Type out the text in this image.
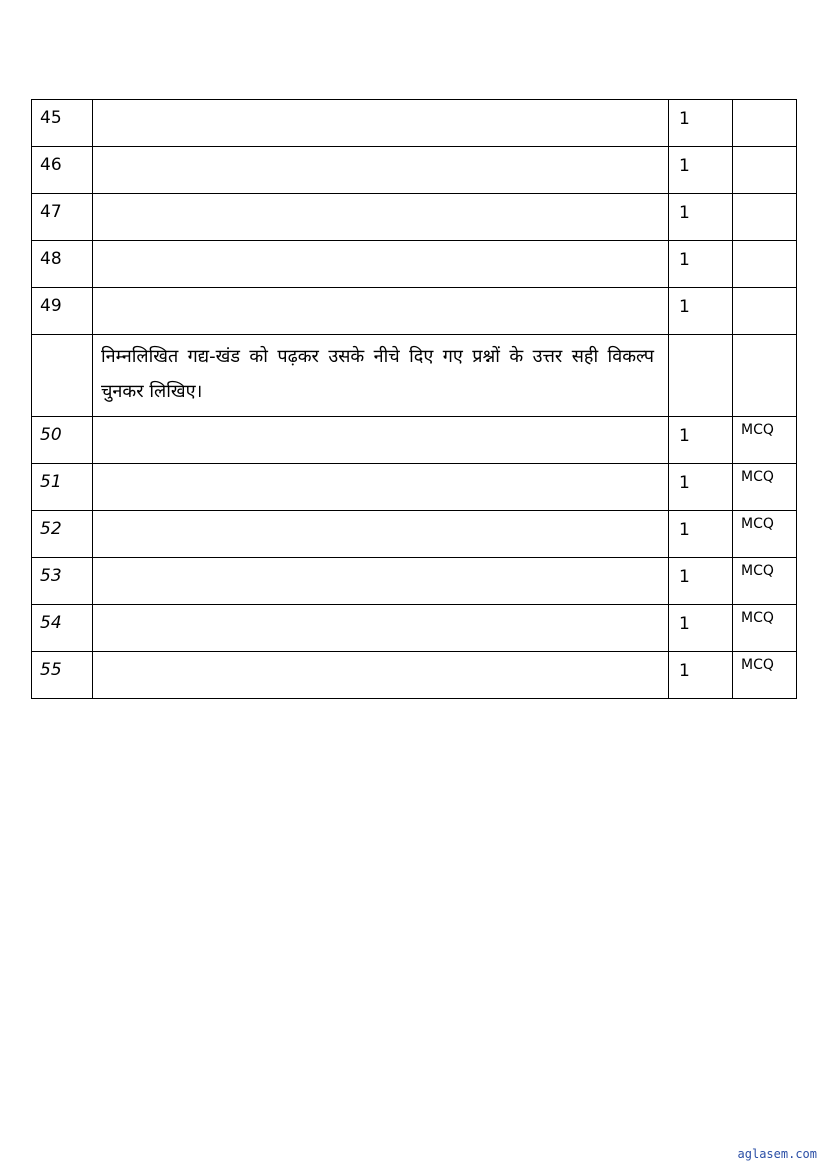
45		1	

46		1	

47		1	

48		1	

49		1	

	निम्नलिखित गद्य-खंड को पढ़कर उसके नीचे दिए गए प्रश्नों के उत्तर सही विकल्प चुनकर लिखिए।		

50		1	MCQ

51		1	MCQ

52		1	MCQ

53		1	MCQ

54		1	MCQ

55		1	MCQ
aglasem.com
